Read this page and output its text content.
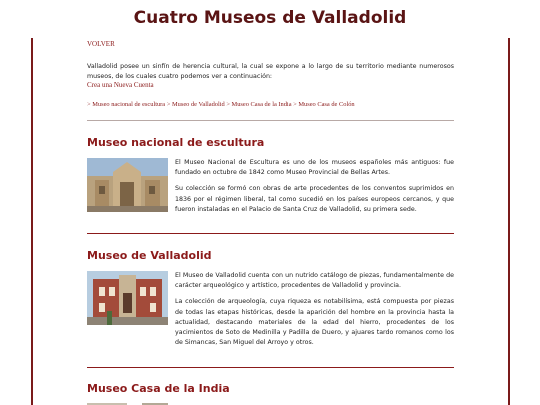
Cuatro Museos de Valladolid
VOLVER

Valladolid posee un sinfín de herencia cultural, la cual se expone a lo largo de su territorio mediante numerosos museos, de los cuales cuatro podemos ver a continuación:

Crea una Nueva Cuenta
> Museo nacional de escultura > Museo de Valladolid > Museo Casa de la India > Museo Casa de Colón
Museo nacional de escultura

El Museo Nacional de Escultura es uno de los museos españoles más antiguos: fue fundado en octubre de 1842 como Museo Provincial de Bellas Artes.

Su colección se formó con obras de arte procedentes de los conventos suprimidos en 1836 por el régimen liberal, tal como sucedió en los países europeos cercanos, y que fueron instaladas en el Palacio de Santa Cruz de Valladolid, su primera sede.

Museo de Valladolid

El Museo de Valladolid cuenta con un nutrido catálogo de piezas, fundamentalmente de carácter arqueológico y artístico, procedentes de Valladolid y provincia.

La colección de arqueología, cuya riqueza es notabilísima, está compuesta por piezas de todas las etapas históricas, desde la aparición del hombre en la provincia hasta la actualidad, destacando materiales de la edad del hierro, procedentes de los yacimientos de Soto de Medinilla y Padilla de Duero, y ajuares tardo romanos como los de Simancas, San Miguel del Arroyo y otros.

Museo Casa de la India
